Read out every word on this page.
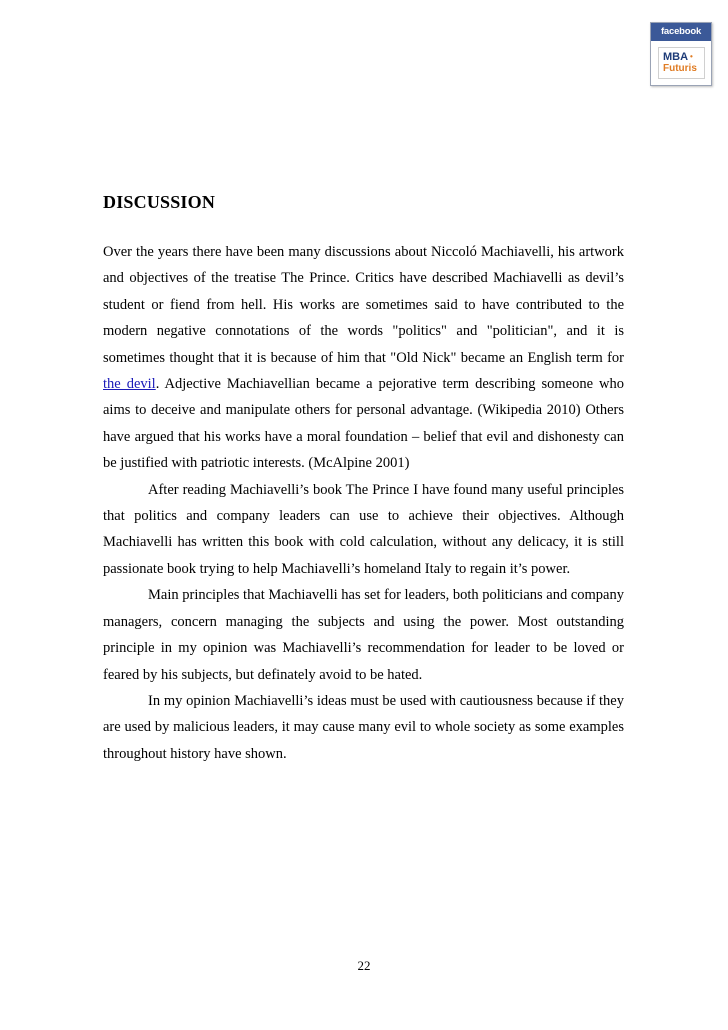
facebook
MBA •
Futuris
DISCUSSION

Over the years there have been many discussions about Niccoló Machiavelli, his artwork and objectives of the treatise The Prince. Critics have described Machiavelli as devil’s student or fiend from hell. His works are sometimes said to have contributed to the modern negative connotations of the words "politics" and "politician", and it is sometimes thought that it is because of him that "Old Nick" became an English term for the devil. Adjective Machiavellian became a pejorative term describing someone who aims to deceive and manipulate others for personal advantage. (Wikipedia 2010) Others have argued that his works have a moral foundation – belief that evil and dishonesty can be justified with patriotic interests. (McAlpine 2001)

After reading Machiavelli’s book The Prince I have found many useful principles that politics and company leaders can use to achieve their objectives. Although Machiavelli has written this book with cold calculation, without any delicacy, it is still passionate book trying to help Machiavelli’s homeland Italy to regain it’s power.

Main principles that Machiavelli has set for leaders, both politicians and company managers, concern managing the subjects and using the power. Most outstanding principle in my opinion was Machiavelli’s recommendation for leader to be loved or feared by his subjects, but definately avoid to be hated.

In my opinion Machiavelli’s ideas must be used with cautiousness because if they are used by malicious leaders, it may cause many evil to whole society as some examples throughout history have shown.

22
